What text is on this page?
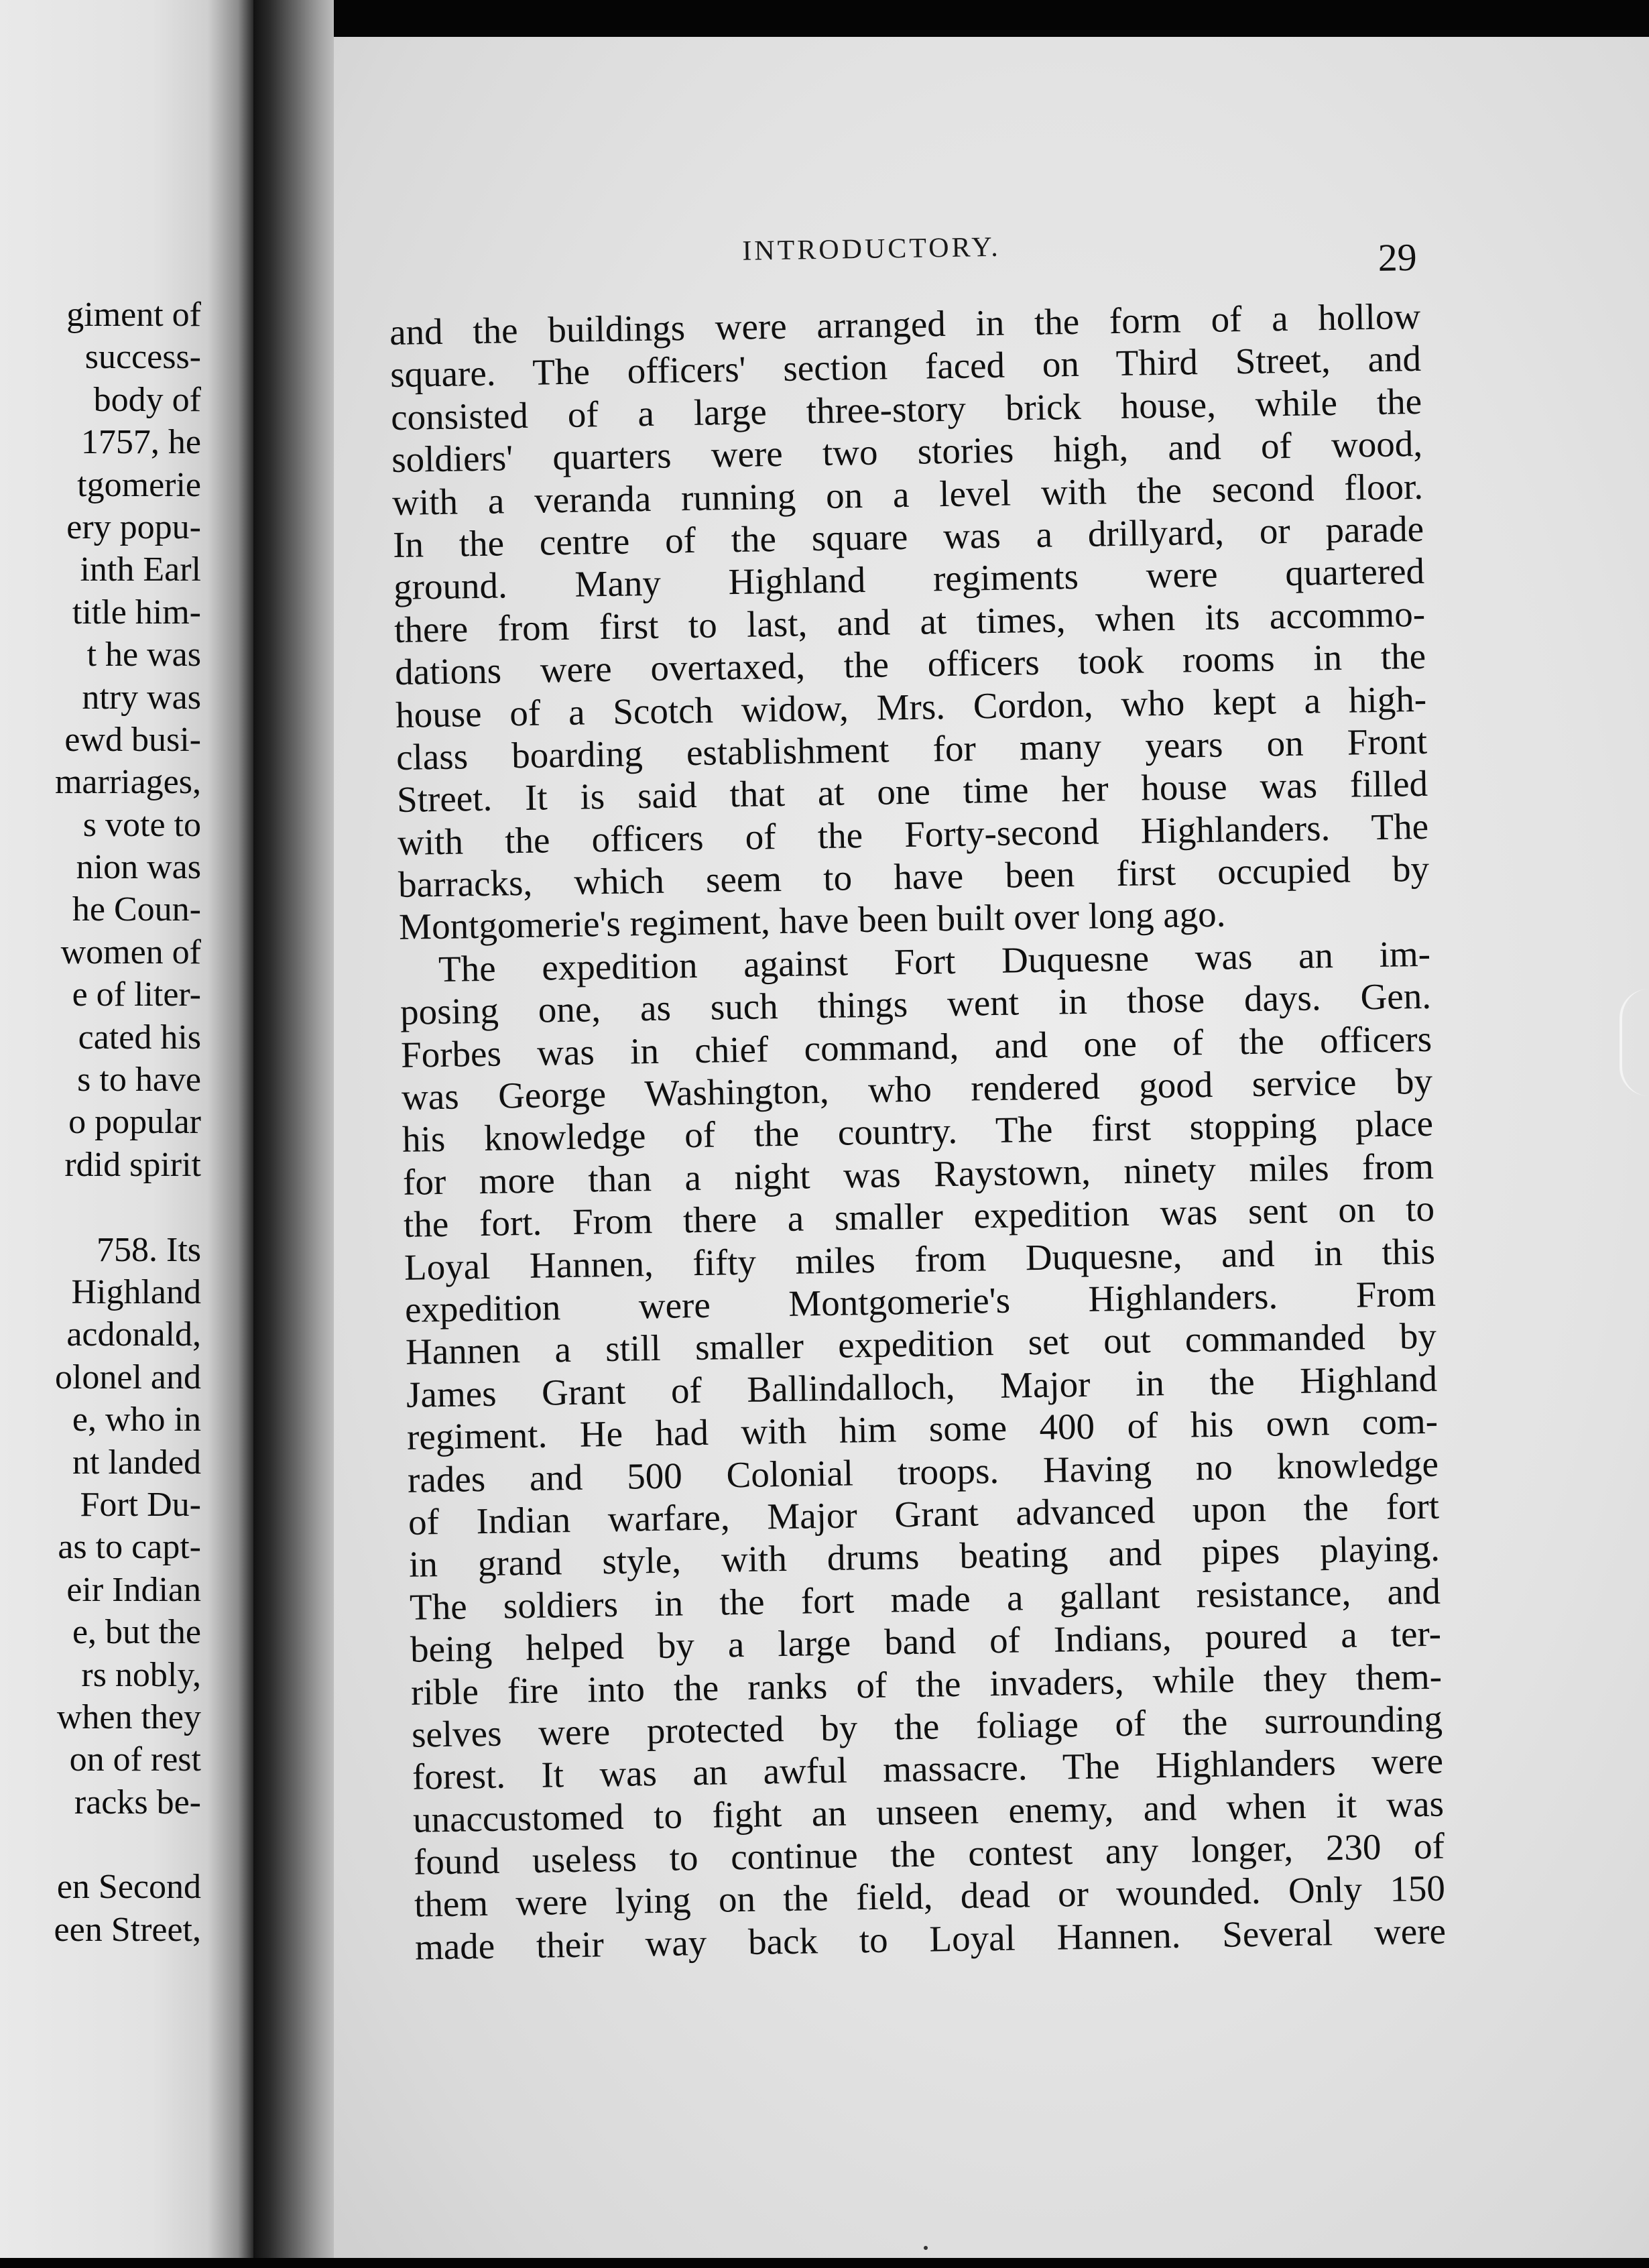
giment of
success-
body of
1757, he
tgomerie
ery popu-
inth Earl
title him-
t he was
ntry was
ewd busi-
marriages,
s vote to
nion was
he Coun-
women of
e of liter-
cated his
s to have
o popular
rdid spirit
758. Its
Highland
acdonald,
olonel and
e, who in
nt landed
Fort Du-
as to capt-
eir Indian
e, but the
rs nobly,
when they
on of rest
racks be-
en Second
een Street,
INTRODUCTORY.	29
and the buildings were arranged in the form of a hollow
square. The officers' section faced on Third Street, and
consisted of a large three-story brick house, while the
soldiers' quarters were two stories high, and of wood,
with a veranda running on a level with the second floor.
In the centre of the square was a drillyard, or parade
ground. Many Highland regiments were quartered
there from first to last, and at times, when its accommo-
dations were overtaxed, the officers took rooms in the
house of a Scotch widow, Mrs. Cordon, who kept a high-
class boarding establishment for many years on Front
Street. It is said that at one time her house was filled
with the officers of the Forty-second Highlanders. The
barracks, which seem to have been first occupied by
Montgomerie's regiment, have been built over long ago.
The expedition against Fort Duquesne was an im-
posing one, as such things went in those days. Gen.
Forbes was in chief command, and one of the officers
was George Washington, who rendered good service by
his knowledge of the country. The first stopping place
for more than a night was Raystown, ninety miles from
the fort. From there a smaller expedition was sent on to
Loyal Hannen, fifty miles from Duquesne, and in this
expedition were Montgomerie's Highlanders. From
Hannen a still smaller expedition set out commanded by
James Grant of Ballindalloch, Major in the Highland
regiment. He had with him some 400 of his own com-
rades and 500 Colonial troops. Having no knowledge
of Indian warfare, Major Grant advanced upon the fort
in grand style, with drums beating and pipes playing.
The soldiers in the fort made a gallant resistance, and
being helped by a large band of Indians, poured a ter-
rible fire into the ranks of the invaders, while they them-
selves were protected by the foliage of the surrounding
forest. It was an awful massacre. The Highlanders were
unaccustomed to fight an unseen enemy, and when it was
found useless to continue the contest any longer, 230 of
them were lying on the field, dead or wounded. Only 150
made their way back to Loyal Hannen. Several were
